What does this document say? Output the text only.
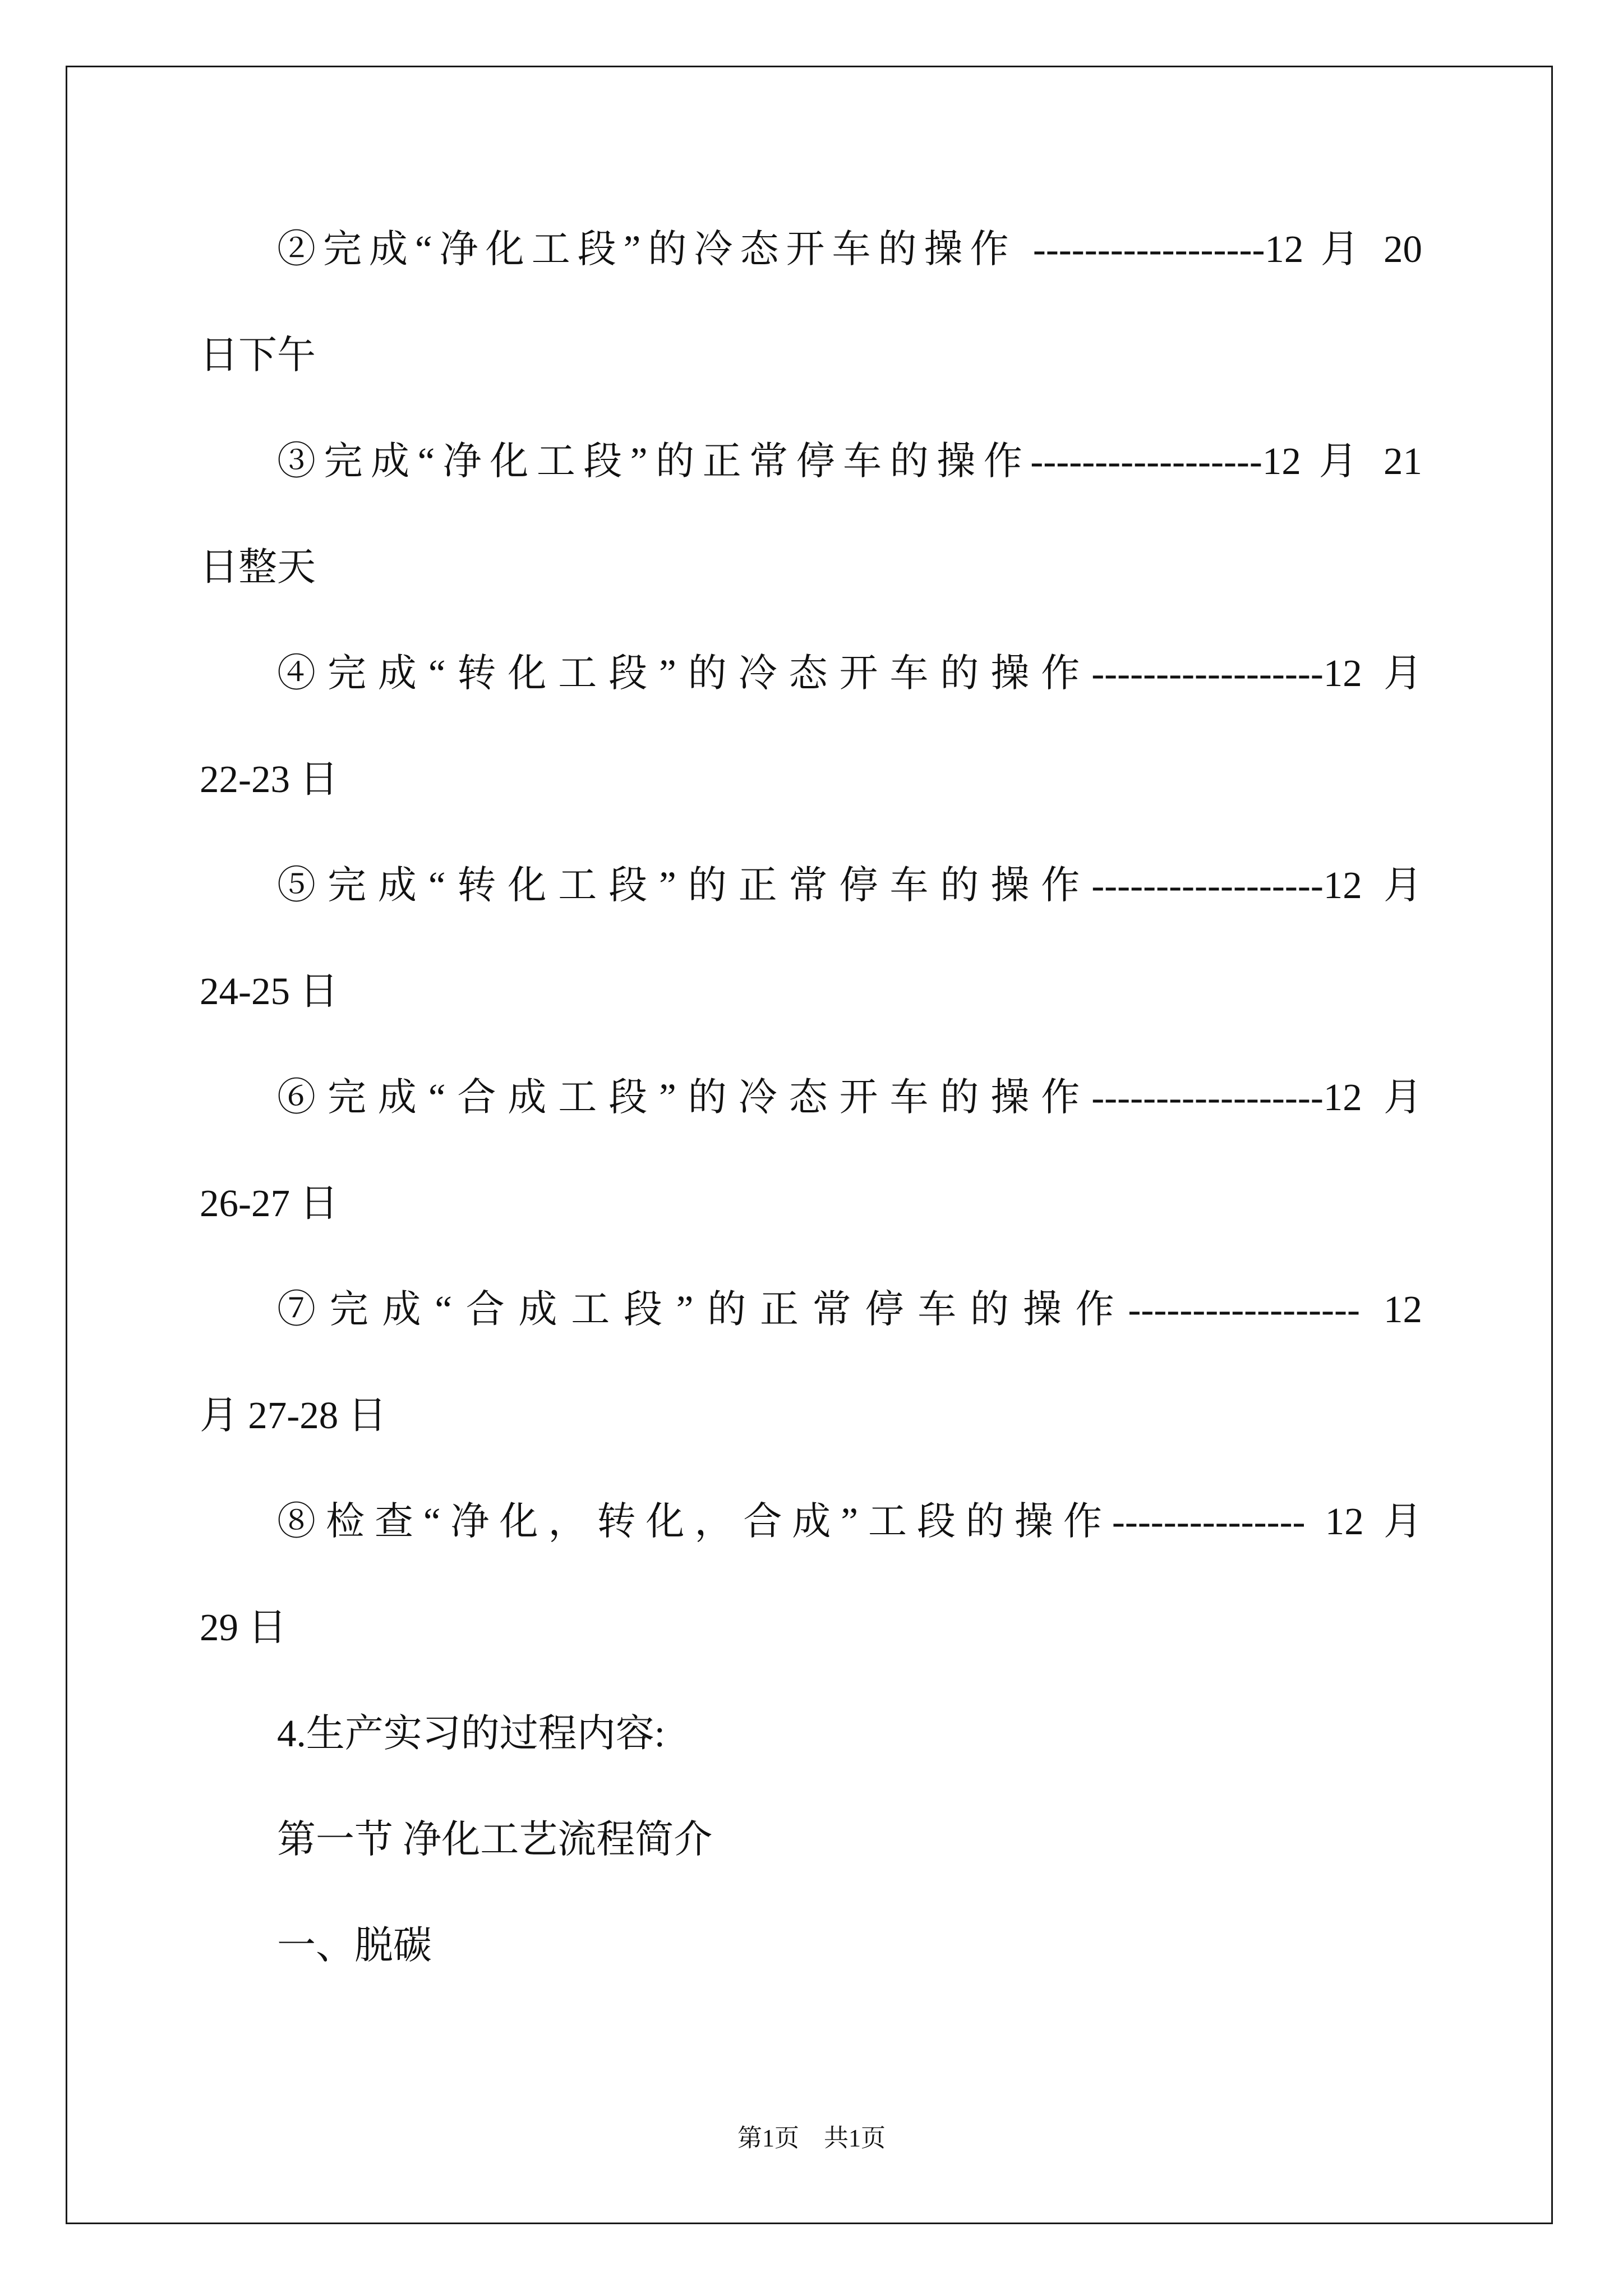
②完成“净化工段”的冷态开车的操作 ------------------12 月 20
日下午
③完成“净化工段”的正常停车的操作------------------12 月 21
日整天
④完成“转化工段”的冷态开车的操作------------------12 月
22-23 日
⑤完成“转化工段”的正常停车的操作------------------12 月
24-25 日
⑥完成“合成工段”的冷态开车的操作------------------12 月
26-27 日
⑦完成“合成工段”的正常停车的操作------------------ 12
月 27-28 日
⑧检查“净化，转化，合成”工段的操作--------------- 12 月
29 日
4.生产实习的过程内容:
第一节 净化工艺流程简介
一、脱碳
第1页 共1页
